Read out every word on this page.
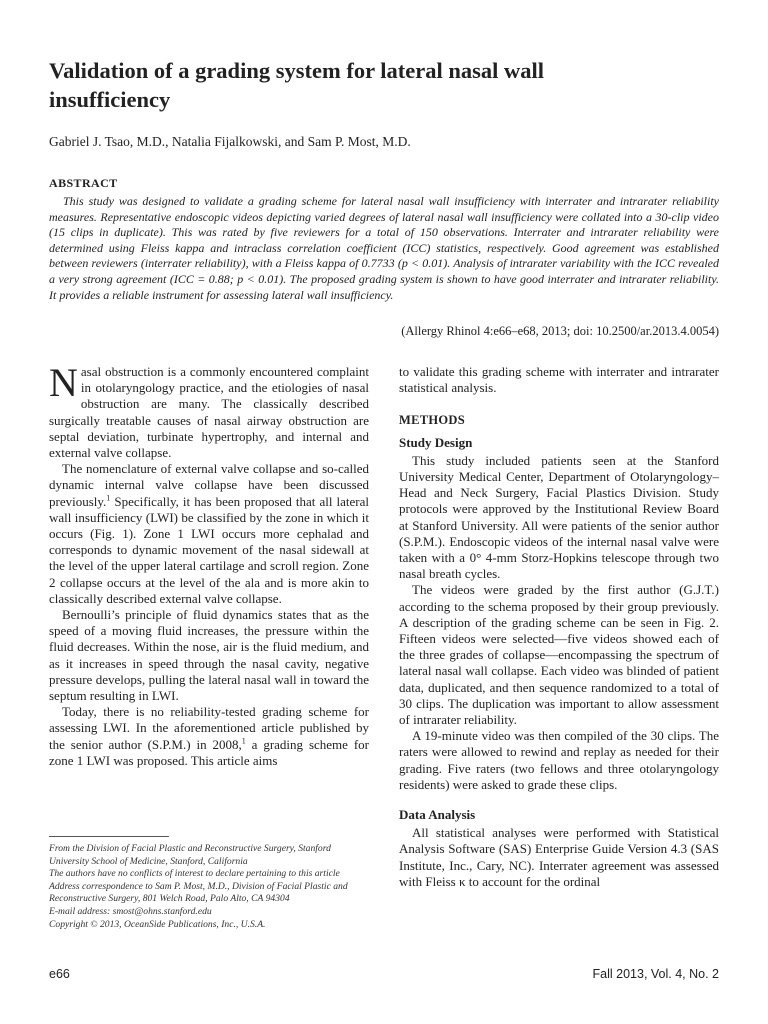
Validation of a grading system for lateral nasal wall insufficiency

Gabriel J. Tsao, M.D., Natalia Fijalkowski, and Sam P. Most, M.D.

ABSTRACT

This study was designed to validate a grading scheme for lateral nasal wall insufficiency with interrater and intrarater reliability measures. Representative endoscopic videos depicting varied degrees of lateral nasal wall insufficiency were collated into a 30-clip video (15 clips in duplicate). This was rated by five reviewers for a total of 150 observations. Interrater and intrarater reliability were determined using Fleiss kappa and intraclass correlation coefficient (ICC) statistics, respectively. Good agreement was established between reviewers (interrater reliability), with a Fleiss kappa of 0.7733 (p < 0.01). Analysis of intrarater variability with the ICC revealed a very strong agreement (ICC = 0.88; p < 0.01). The proposed grading system is shown to have good interrater and intrarater reliability. It provides a reliable instrument for assessing lateral wall insufficiency.

(Allergy Rhinol 4:e66–e68, 2013; doi: 10.2500/ar.2013.4.0054)

Nasal obstruction is a commonly encountered complaint in otolaryngology practice, and the etiologies of nasal obstruction are many. The classically described surgically treatable causes of nasal airway obstruction are septal deviation, turbinate hypertrophy, and internal and external valve collapse.

The nomenclature of external valve collapse and so-called dynamic internal valve collapse have been discussed previously.$^1$ Specifically, it has been proposed that all lateral wall insufficiency (LWI) be classified by the zone in which it occurs (Fig. 1). Zone 1 LWI occurs more cephalad and corresponds to dynamic movement of the nasal sidewall at the level of the upper lateral cartilage and scroll region. Zone 2 collapse occurs at the level of the ala and is more akin to classically described external valve collapse.

Bernoulli’s principle of fluid dynamics states that as the speed of a moving fluid increases, the pressure within the fluid decreases. Within the nose, air is the fluid medium, and as it increases in speed through the nasal cavity, negative pressure develops, pulling the lateral nasal wall in toward the septum resulting in LWI.

Today, there is no reliability-tested grading scheme for assessing LWI. In the aforementioned article published by the senior author (S.P.M.) in 2008,$^1$ a grading scheme for zone 1 LWI was proposed. This article aims

to validate this grading scheme with interrater and intrarater statistical analysis.

METHODS
Study Design

This study included patients seen at the Stanford University Medical Center, Department of Otolaryngology–Head and Neck Surgery, Facial Plastics Division. Study protocols were approved by the Institutional Review Board at Stanford University. All were patients of the senior author (S.P.M.). Endoscopic videos of the internal nasal valve were taken with a 0° 4-mm Storz-Hopkins telescope through two nasal breath cycles.

The videos were graded by the first author (G.J.T.) according to the schema proposed by their group previously. A description of the grading scheme can be seen in Fig. 2. Fifteen videos were selected—five videos showed each of the three grades of collapse—encompassing the spectrum of lateral nasal wall collapse. Each video was blinded of patient data, duplicated, and then sequence randomized to a total of 30 clips. The duplication was important to allow assessment of intrarater reliability.

A 19-minute video was then compiled of the 30 clips. The raters were allowed to rewind and replay as needed for their grading. Five raters (two fellows and three otolaryngology residents) were asked to grade these clips.

Data Analysis

All statistical analyses were performed with Statistical Analysis Software (SAS) Enterprise Guide Version 4.3 (SAS Institute, Inc., Cary, NC). Interrater agreement was assessed with Fleiss κ to account for the ordinal

From the Division of Facial Plastic and Reconstructive Surgery, Stanford University School of Medicine, Stanford, California
The authors have no conflicts of interest to declare pertaining to this article
Address correspondence to Sam P. Most, M.D., Division of Facial Plastic and Reconstructive Surgery, 801 Welch Road, Palo Alto, CA 94304
E-mail address: smost@ohns.stanford.edu
Copyright © 2013, OceanSide Publications, Inc., U.S.A.
e66	Fall 2013, Vol. 4, No. 2
